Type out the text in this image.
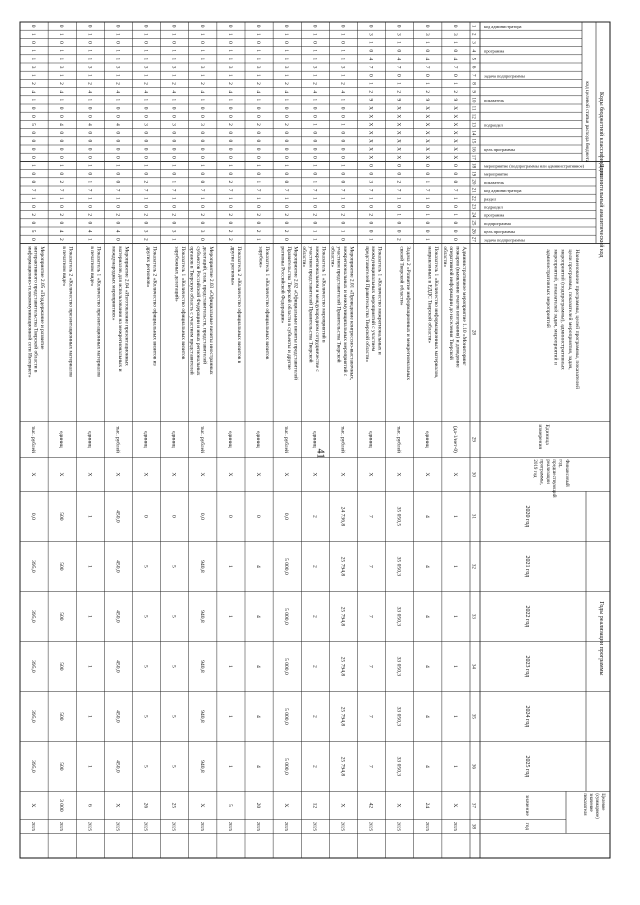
41
Коды бюджетной классификации
Дополнительный аналитический код
код целевой статьи расхода бюджета
Годы реализации программы
Целевое(суммарное)значениепоказателя
код администратора
программа
задача подпрограммы
показатель
подраздел
цель программы
мероприятие (подпрограммы или административное)
мероприятие
показатель
код администратора
раздел
подраздел
программа
подпрограмма
цель программы
задача подпрограммы
Наименование программы, целей программы, показателейцели программы, показателей мероприятия, задач,мероприятий (подпрограммы), административныхмероприятий, показателей задач, мероприятий иадминистративных мероприятий
Единицаизмерения
Финансовыйгод,предшествующийреализациипрограммы,2019 год
2020 год
2021 год
2022 год
2023 год
2024 год
2025 год
значение
год
1
2
3
4
5
6
7
8
9
10
11
12
13
14
15
16
17
18
19
20
21
22
23
24
25
26
27
28
29
30
31
32
33
34
35
36
37
38
0
3
1
0
4
7
0
1
2
9
Х
Х
Х
Х
Х
Х
Х
0
0
0
7
1
0
1
0
0
0
Административное мероприятие 1.10 «Мониторингпожаров (выявление очагов возгорания) и доведениеоперативной информации до населения Тверскойобласти»
(да-1/нет-0)
Х
1
1
1
1
1
1
Х
2025
0
3
1
0
4
7
0
1
2
9
Х
Х
Х
Х
Х
Х
Х
0
0
1
7
1
0
1
0
0
1
Показатель 1 «Количество информационных материалов,направленных в ЕДДС Тверской области»
единиц
Х
4
4
4
4
4
4
24
2025
0
3
1
0
4
7
0
1
2
9
Х
Х
Х
Х
Х
Х
Х
0
0
2
7
1
0
1
0
0
2
Задача 2 «Развитие информационных и межрегиональныхсвязей Тверской области»
тыс. рублей
Х
35 050,5
35 050,3
33 050,3
33 050,3
33 050,3
33 050,3
Х
2025
0
3
1
0
4
7
0
1
2
9
Х
Х
Х
Х
Х
Х
Х
0
0
3
7
1
0
2
0
0
1
Показатель 1 «Количество межрегиональных имежмуниципальных мероприятий с участиемпредставителей Правительства Тверской области»
единиц
Х
7
7
7
7
7
7
42
2025
0
1
0
1
1
3
1
2
4
1
0
0
1
0
0
0
0
1
0
0
7
1
0
2
0
1
0
Мероприятие 2.01 «Проведение конгрессно-выставочных,межрегиональных и межмуниципальных мероприятий сучастием представителей Правительства Тверскойобласти»
тыс. рублей
Х
24 736,8
25 794,8
25 794,8
25 794,8
25 794,8
25 794,8
Х
2025
0
1
0
1
1
3
1
2
4
1
0
0
1
0
0
0
0
1
0
1
7
1
0
2
0
1
1
Показатель 1 «Количество мероприятий вмежрегиональном и международном сотрудничестве сучастием представителей Правительства Тверскойобласти»
единиц
Х
2
2
2
2
2
2
12
2025
0
1
0
1
1
3
1
2
4
1
0
0
2
0
0
0
0
1
0
0
7
1
0
2
0
2
0
Мероприятие 2.02 «Официальные визиты представителейПравительства Тверской области в субъекты и другиерегионы Российской Федерации»
тыс. рублей
Х
0,0
5 000,0
5 000,0
5 000,0
5 000,0
5 000,0
Х
2025
0
1
0
1
1
3
1
2
4
1
0
0
2
0
0
0
0
1
0
1
7
1
0
2
0
2
1
Показатель 1 «Количество официальных визитовзарубеж»
единиц
Х
0
4
4
4
4
4
20
2025
0
1
0
1
1
3
1
2
4
1
0
0
2
0
0
0
0
1
0
2
7
1
0
2
0
2
2
Показатель 2 «Количество официальных визитов вдругие регионы»
единиц
Х
0
1
1
1
1
1
5
2025
0
1
0
1
1
3
1
2
4
1
0
0
3
0
0
0
0
1
0
0
7
1
0
2
0
3
0
Мероприятие 2.03 «Официальные визиты иностранныхделегаций, глав, представительств, представителейсубъектов Российской Федерации и иных региональныхорганов в Тверскую область с участием представителей
тыс. рублей
Х
0,0
940,8
940,8
940,8
940,8
940,8
Х
2025
0
1
0
1
1
3
1
2
4
1
0
0
3
0
0
0
0
1
0
1
7
1
0
2
0
3
1
Показатель 1 «Количество официальных визитовзарубежных делегаций»
единиц
Х
0
5
5
5
5
5
25
2025
0
1
0
1
1
3
1
2
4
1
0
0
3
0
0
0
0
1
0
2
7
1
0
2
0
3
2
Показатель 2 «Количество официальных визитов издругих регионов»
единиц
Х
0
5
5
5
5
5
26
2025
0
1
0
1
1
3
1
2
4
1
0
0
4
0
0
0
0
1
0
0
7
1
0
2
0
4
0
Мероприятие 2.04 «Изготовление презентационныхматериалов для использования на межрегиональных имеждународных мероприятиях»
тыс. рублей
Х
450,0
450,0
450,0
450,0
450,0
450,0
Х
2025
0
1
0
1
1
3
1
2
4
1
0
0
4
0
0
0
0
1
0
1
7
1
0
2
0
4
1
Показатель 1 «Количество презентационных материаловв печатном виде»
единиц
Х
1
1
1
1
1
1
6
2025
0
1
0
1
1
3
1
2
4
1
0
0
4
0
0
0
0
1
0
2
7
1
0
2
0
4
2
Показатель 2 «Количество презентационных материаловв печатном виде»
единиц
Х
500
500
500
500
500
500
3 000
2025
0
1
0
1
1
3
1
2
4
1
0
0
5
0
0
0
0
1
0
0
7
1
0
2
0
5
0
Мероприятие 2.05 «Поддержание и развитиеинтерактивного представительства Тверской области винформационно-телекоммуникационной сети Интернет»
тыс. рублей
Х
0,0
395,0
395,0
395,0
395,0
395,0
Х
2025
